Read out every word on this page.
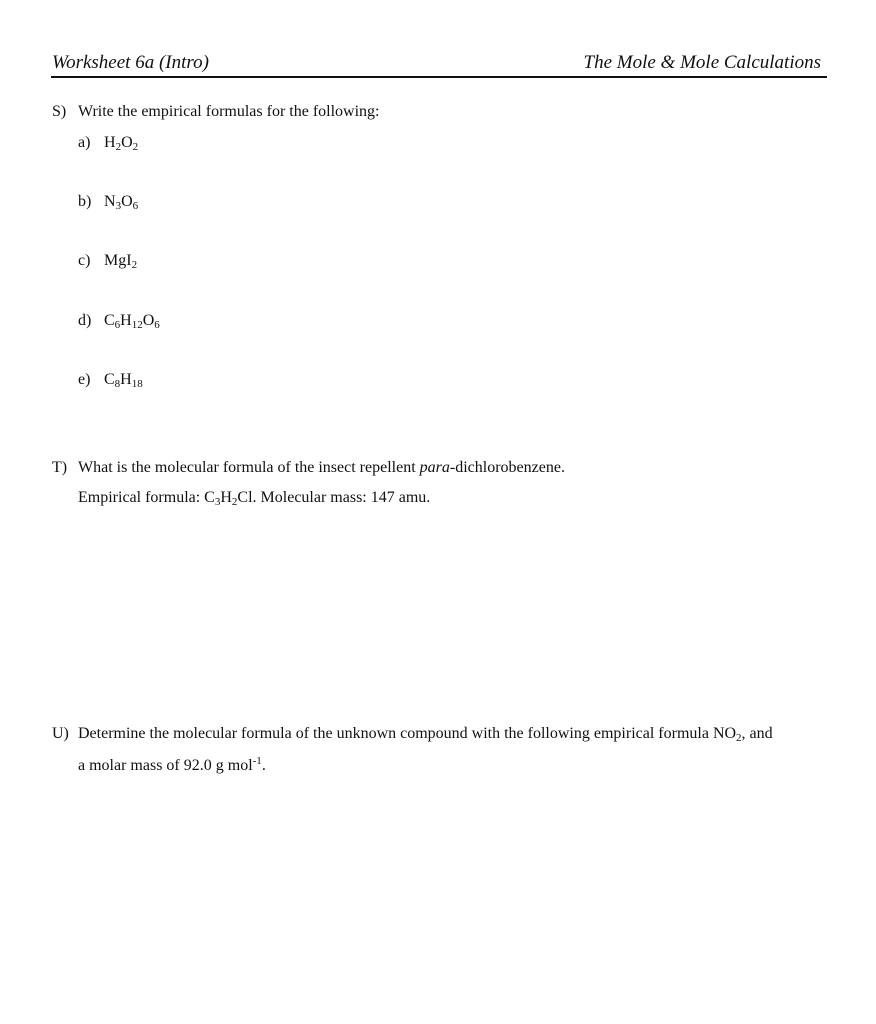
Worksheet 6a (Intro)	The Mole & Mole Calculations
S) Write the empirical formulas for the following:
a) $H_2O_2$
b) $N_3O_6$
c) MgI$_2$
d) $C_6H_{12}O_6$
e) $C_8H_{18}$
T) What is the molecular formula of the insect repellent para-dichlorobenzene.
Empirical formula: $C_3H_2Cl$. Molecular mass: 147 amu.
U) Determine the molecular formula of the unknown compound with the following empirical formula $NO_2$, and
a molar mass of 92.0 g mol$^{-1}$.
